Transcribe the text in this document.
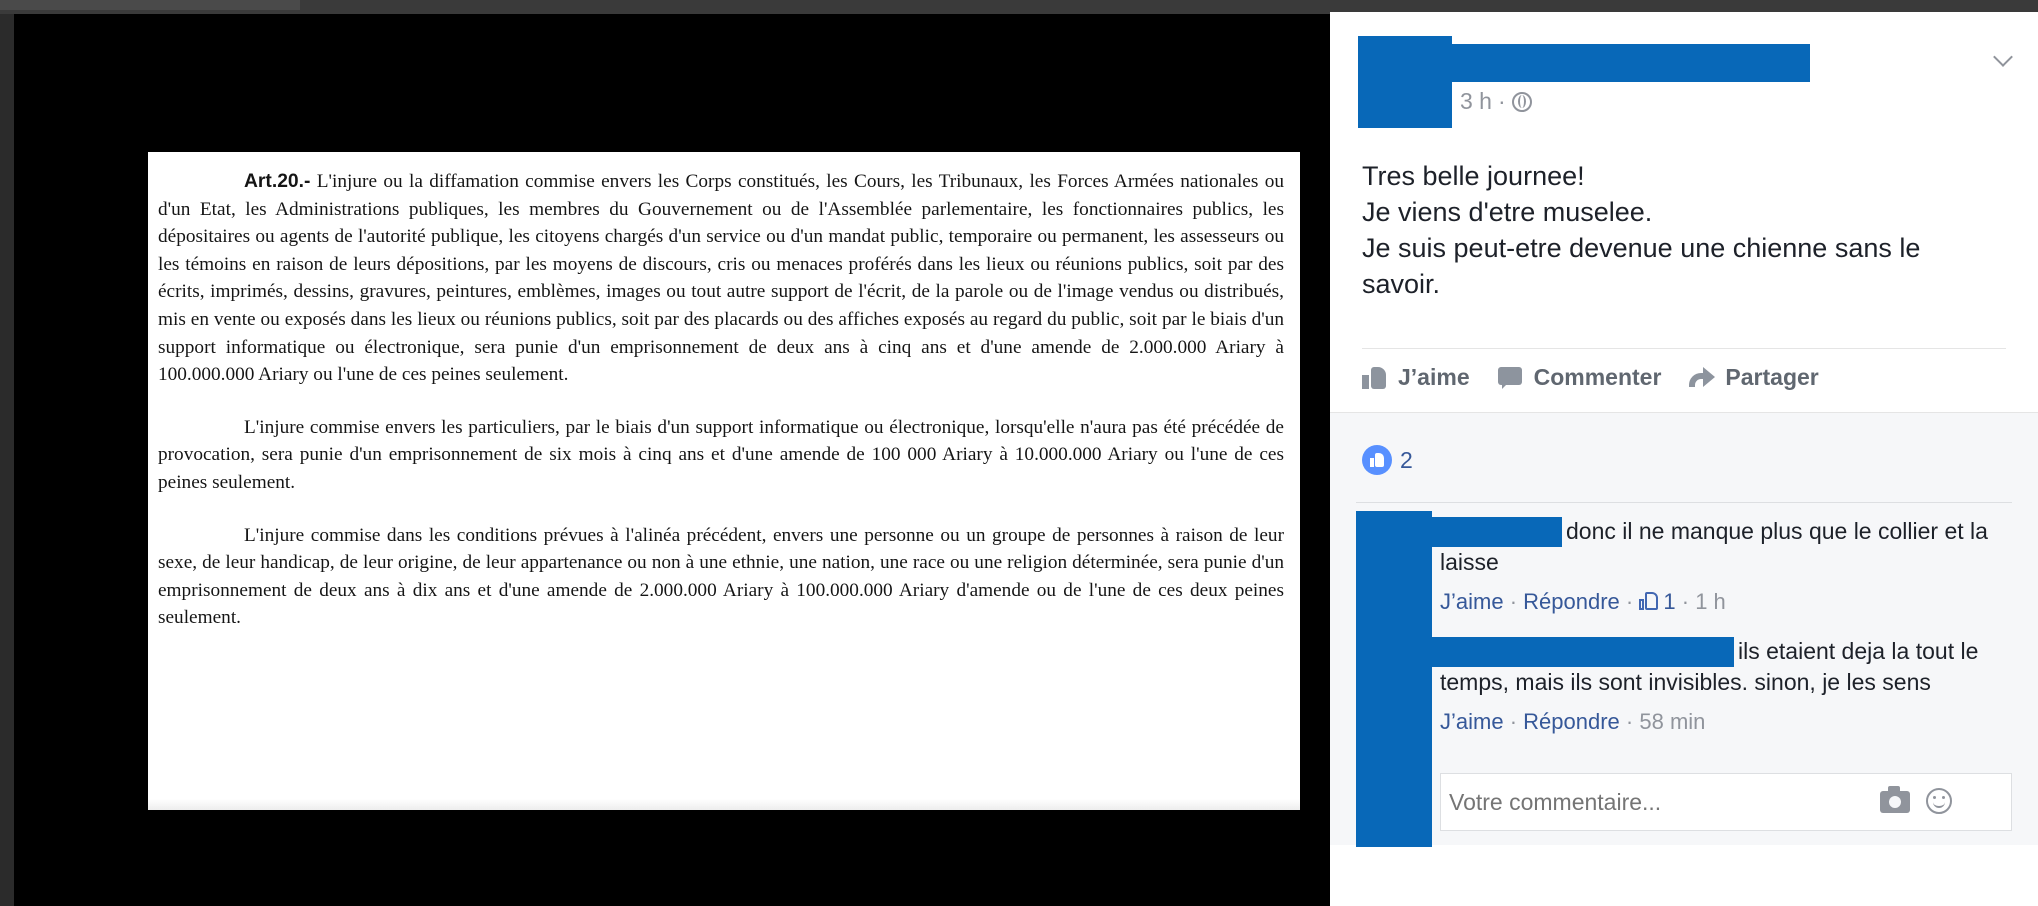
Art.20.- L'injure ou la diffamation commise envers les Corps constitués, les Cours, les Tribunaux, les Forces Armées nationales ou d'un Etat, les Administrations publiques, les membres du Gouvernement ou de l'Assemblée parlementaire, les fonctionnaires publics, les dépositaires ou agents de l'autorité publique, les citoyens chargés d'un service ou d'un mandat public, temporaire ou permanent, les assesseurs ou les témoins en raison de leurs dépositions, par les moyens de discours, cris ou menaces proférés dans les lieux ou réunions publics, soit par des écrits, imprimés, dessins, gravures, peintures, emblèmes, images ou tout autre support de l'écrit, de la parole ou de l'image vendus ou distribués, mis en vente ou exposés dans les lieux ou réunions publics, soit par des placards ou des affiches exposés au regard du public, soit par le biais d'un support informatique ou électronique, sera punie d'un emprisonnement de deux ans à cinq ans et d'une amende de 2.000.000 Ariary à 100.000.000 Ariary ou l'une de ces peines seulement.

L'injure commise envers les particuliers, par le biais d'un support informatique ou électronique, lorsqu'elle n'aura pas été précédée de provocation, sera punie d'un emprisonnement de six mois à cinq ans et d'une amende de 100 000 Ariary à 10.000.000 Ariary ou l'une de ces peines seulement.

L'injure commise dans les conditions prévues à l'alinéa précédent, envers une personne ou un groupe de personnes à raison de leur sexe, de leur handicap, de leur origine, de leur appartenance ou non à une ethnie, une nation, une race ou une religion déterminée, sera punie d'un emprisonnement de deux ans à dix ans et d'une amende de 2.000.000 Ariary à 100.000.000 Ariary d'amende ou de l'une de ces deux peines seulement.

3 h ·
Tres belle journee!
Je viens d'etre muselee.
Je suis peut-etre devenue une chienne sans le savoir.
J’aime	Commenter	Partager
2
donc il ne manque plus que le collier et la laisse
J’aime · Répondre · 1 · 1 h
ils etaient deja la tout le temps, mais ils sont invisibles. sinon, je les sens
J’aime · Répondre · 58 min
Votre commentaire...
